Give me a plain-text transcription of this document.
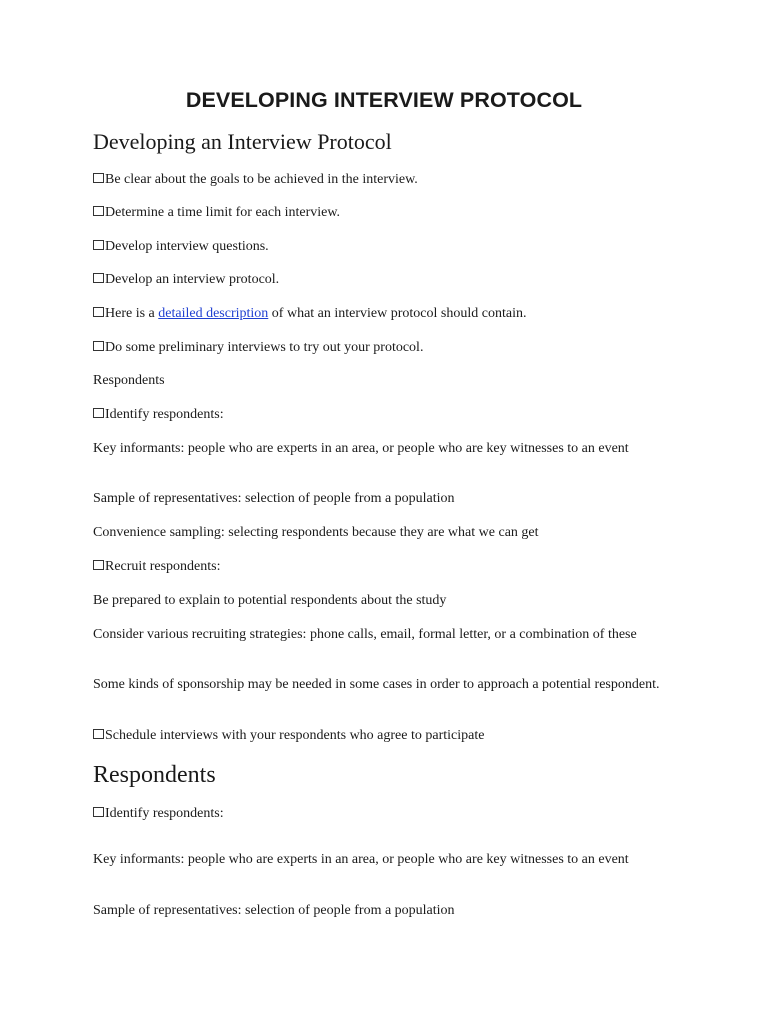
DEVELOPING INTERVIEW PROTOCOL
Developing an Interview Protocol
Be clear about the goals to be achieved in the interview.
Determine a time limit for each interview.
Develop interview questions.
Develop an interview protocol.
Here is a detailed description of what an interview protocol should contain.
Do some preliminary interviews to try out your protocol.
Respondents
Identify respondents:
Key informants: people who are experts in an area, or people who are key witnesses to an event
Sample of representatives: selection of people from a population
Convenience sampling: selecting respondents because they are what we can get
Recruit respondents:
Be prepared to explain to potential respondents about the study
Consider various recruiting strategies: phone calls, email, formal letter, or a combination of these
Some kinds of sponsorship may be needed in some cases in order to approach a potential respondent.
Schedule interviews with your respondents who agree to participate
Respondents
Identify respondents:
Key informants: people who are experts in an area, or people who are key witnesses to an event
Sample of representatives: selection of people from a population
